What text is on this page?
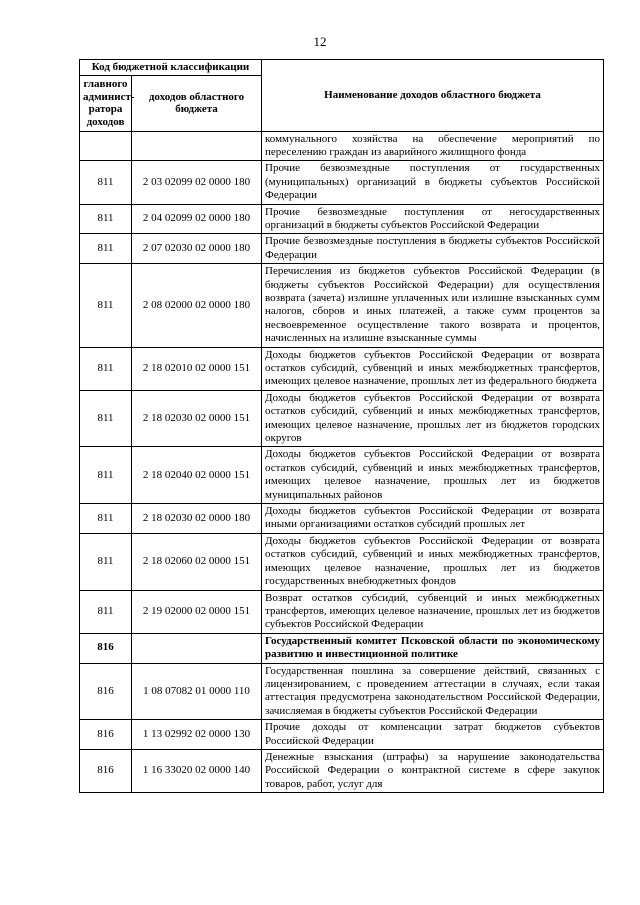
12
Код бюджетной классификации		Наименование доходов областного бюджета
главного админист- ратора доходов	доходов областного бюджета	
		коммунального хозяйства на обеспечение мероприятий по переселению граждан из аварийного жилищного фонда
811	2 03 02099 02 0000 180	Прочие безвозмездные поступления от государственных (муниципальных) организаций в бюджеты субъектов Российской Федерации
811	2 04 02099 02 0000 180	Прочие безвозмездные поступления от негосударственных организаций в бюджеты субъектов Российской Федерации
811	2 07 02030 02 0000 180	Прочие безвозмездные поступления в бюджеты субъектов Российской Федерации
811	2 08 02000 02 0000 180	Перечисления из бюджетов субъектов Российской Федерации (в бюджеты субъектов Российской Федерации) для осуществления возврата (зачета) излишне уплаченных или излишне взысканных сумм налогов, сборов и иных платежей, а также сумм процентов за несвоевременное осуществление такого возврата и процентов, начисленных на излишне взысканные суммы
811	2 18 02010 02 0000 151	Доходы бюджетов субъектов Российской Федерации от возврата остатков субсидий, субвенций и иных межбюджетных трансфертов, имеющих целевое назначение, прошлых лет из федерального бюджета
811	2 18 02030 02 0000 151	Доходы бюджетов субъектов Российской Федерации от возврата остатков субсидий, субвенций и иных межбюджетных трансфертов, имеющих целевое назначение, прошлых лет из бюджетов городских округов
811	2 18 02040 02 0000 151	Доходы бюджетов субъектов Российской Федерации от возврата остатков субсидий, субвенций и иных межбюджетных трансфертов, имеющих целевое назначение, прошлых лет из бюджетов муниципальных районов
811	2 18 02030 02 0000 180	Доходы бюджетов субъектов Российской Федерации от возврата иными организациями остатков субсидий прошлых лет
811	2 18 02060 02 0000 151	Доходы бюджетов субъектов Российской Федерации от возврата остатков субсидий, субвенций и иных межбюджетных трансфертов, имеющих целевое назначение, прошлых лет из бюджетов государственных внебюджетных фондов
811	2 19 02000 02 0000 151	Возврат остатков субсидий, субвенций и иных межбюджетных трансфертов, имеющих целевое назначение, прошлых лет из бюджетов субъектов Российской Федерации
816		Государственный комитет Псковской области по экономическому развитию и инвестиционной политике
816	1 08 07082 01 0000 110	Государственная пошлина за совершение действий, связанных с лицензированием, с проведением аттестации в случаях, если такая аттестация предусмотрена законодательством Российской Федерации, зачисляемая в бюджеты субъектов Российской Федерации
816	1 13 02992 02 0000 130	Прочие доходы от компенсации затрат бюджетов субъектов Российской Федерации
816	1 16 33020 02 0000 140	Денежные взыскания (штрафы) за нарушение законодательства Российской Федерации о контрактной системе в сфере закупок товаров, работ, услуг для
